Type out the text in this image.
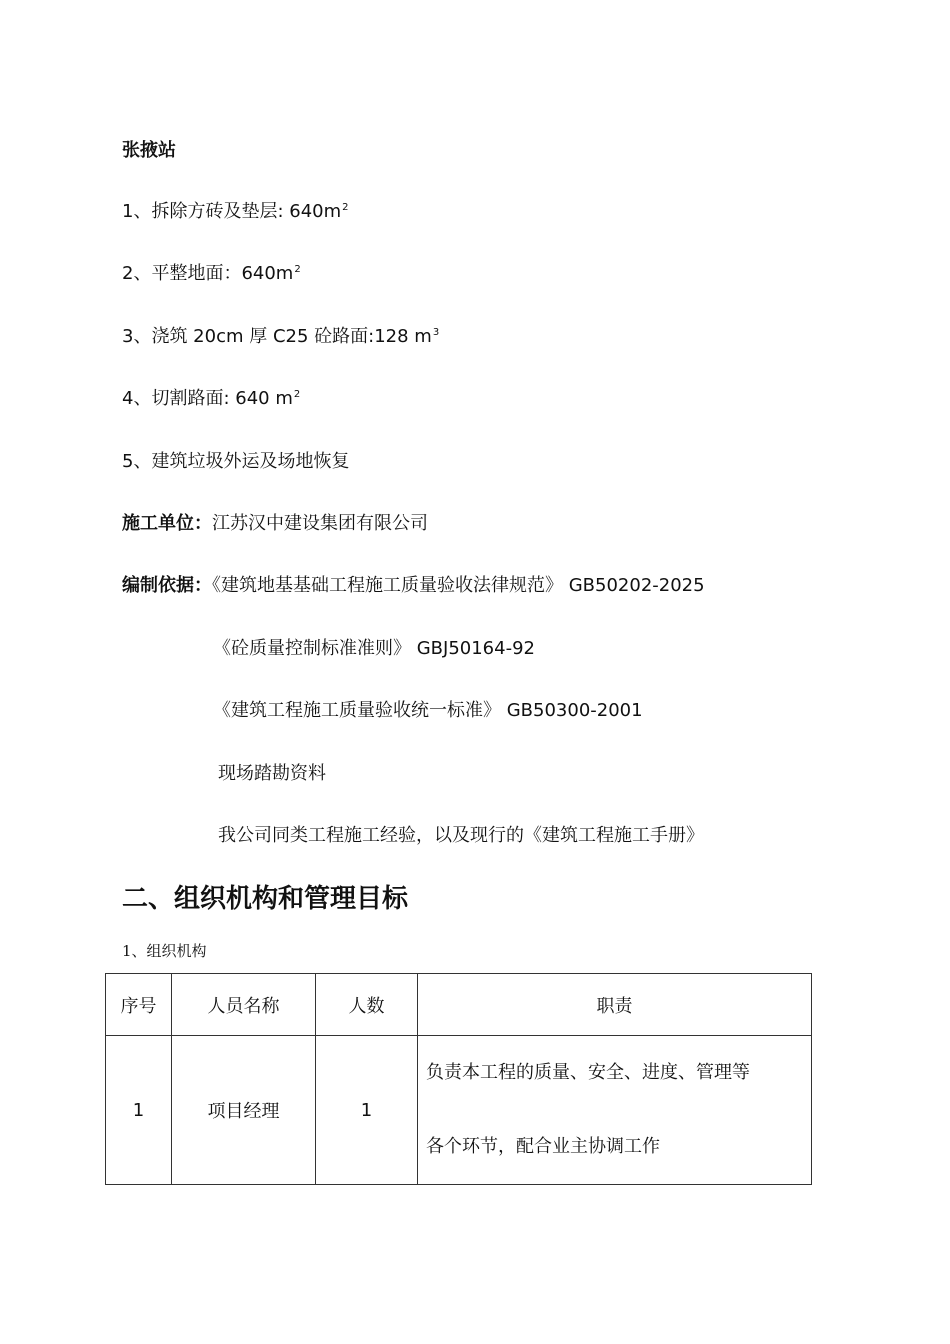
张掖站
1、拆除方砖及垫层: $640m^2$
2、平整地面：$640m^2$
3、浇筑 20cm 厚 C25 砼路面:128 $m^3$
4、切割路面: 640 $m^2$
5、建筑垃圾外运及场地恢复
施工单位：江苏汉中建设集团有限公司
编制依据：《建筑地基基础工程施工质量验收法律规范》 GB50202-2025
《砼质量控制标准准则》 GBJ50164-92
《建筑工程施工质量验收统一标准》 GB50300-2001
现场踏勘资料
我公司同类工程施工经验，以及现行的《建筑工程施工手册》
二、组织机构和管理目标
1、组织机构
序号	人员名称	人数	职责
1	项目经理	1	负责本工程的质量、安全、进度、管理等
各个环节，配合业主协调工作
